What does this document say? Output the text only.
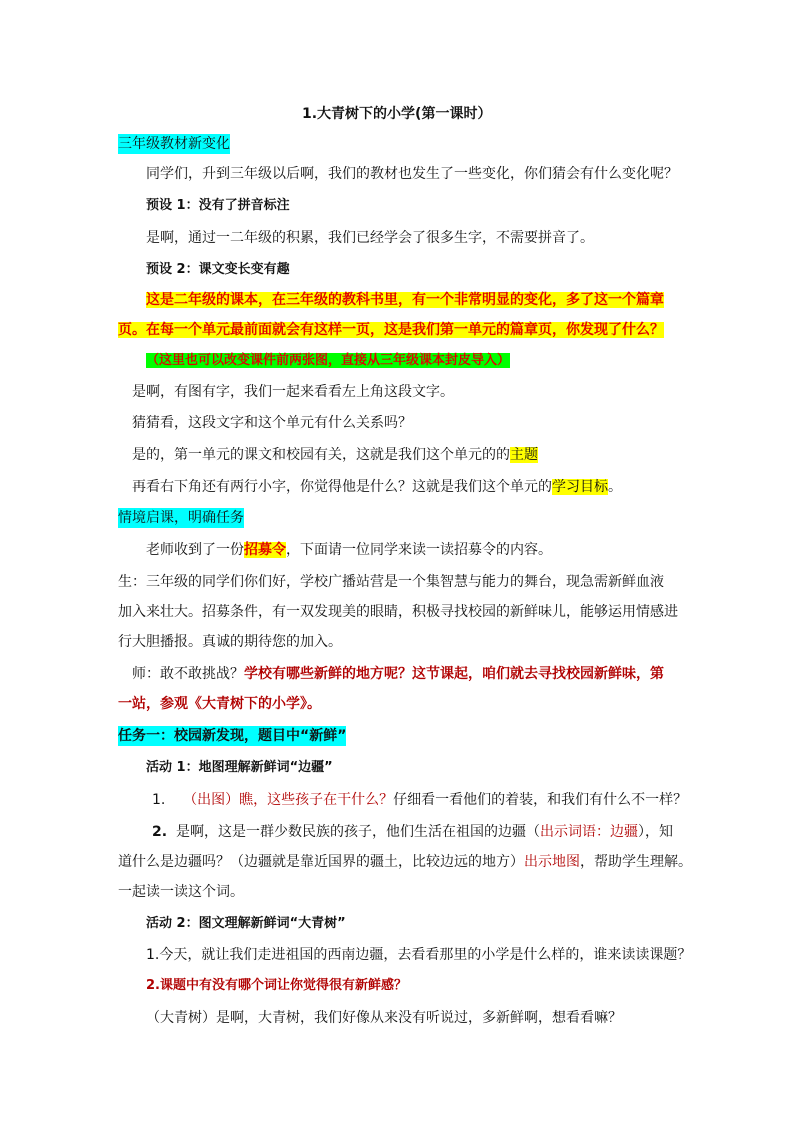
1.大青树下的小学(第一课时）
三年级教材新变化
同学们，升到三年级以后啊，我们的教材也发生了一些变化，你们猜会有什么变化呢？
预设 1：没有了拼音标注
是啊，通过一二年级的积累，我们已经学会了很多生字，不需要拼音了。
预设 2：课文变长变有趣
这是二年级的课本，在三年级的教科书里，有一个非常明显的变化，多了这一个篇章
页。在每一个单元最前面就会有这样一页，这是我们第一单元的篇章页，你发现了什么？
（这里也可以改变课件前两张图，直接从三年级课本封皮导入）
是啊，有图有字，我们一起来看看左上角这段文字。
猜猜看，这段文字和这个单元有什么关系吗？
是的，第一单元的课文和校园有关，这就是我们这个单元的的主题
再看右下角还有两行小字，你觉得他是什么？这就是我们这个单元的学习目标。
情境启课，明确任务
老师收到了一份招募令，下面请一位同学来读一读招募令的内容。
生：三年级的同学们你们好，学校广播站营是一个集智慧与能力的舞台，现急需新鲜血液
加入来壮大。招募条件，有一双发现美的眼睛，积极寻找校园的新鲜味儿，能够运用情感进
行大胆播报。真诚的期待您的加入。
师：敢不敢挑战？学校有哪些新鲜的地方呢？这节课起，咱们就去寻找校园新鲜味，第
一站，参观《大青树下的小学》。
任务一：校园新发现，题目中“新鲜”
活动 1：地图理解新鲜词“边疆”
1. （出图）瞧，这些孩子在干什么？仔细看一看他们的着装，和我们有什么不一样？
2. 是啊，这是一群少数民族的孩子，他们生活在祖国的边疆（出示词语：边疆），知
道什么是边疆吗？（边疆就是靠近国界的疆土，比较边远的地方）出示地图，帮助学生理解。
一起读一读这个词。
活动 2：图文理解新鲜词“大青树”
1.今天，就让我们走进祖国的西南边疆，去看看那里的小学是什么样的，谁来读读课题？
2.课题中有没有哪个词让你觉得很有新鲜感？
（大青树）是啊，大青树，我们好像从来没有听说过，多新鲜啊，想看看嘛？
